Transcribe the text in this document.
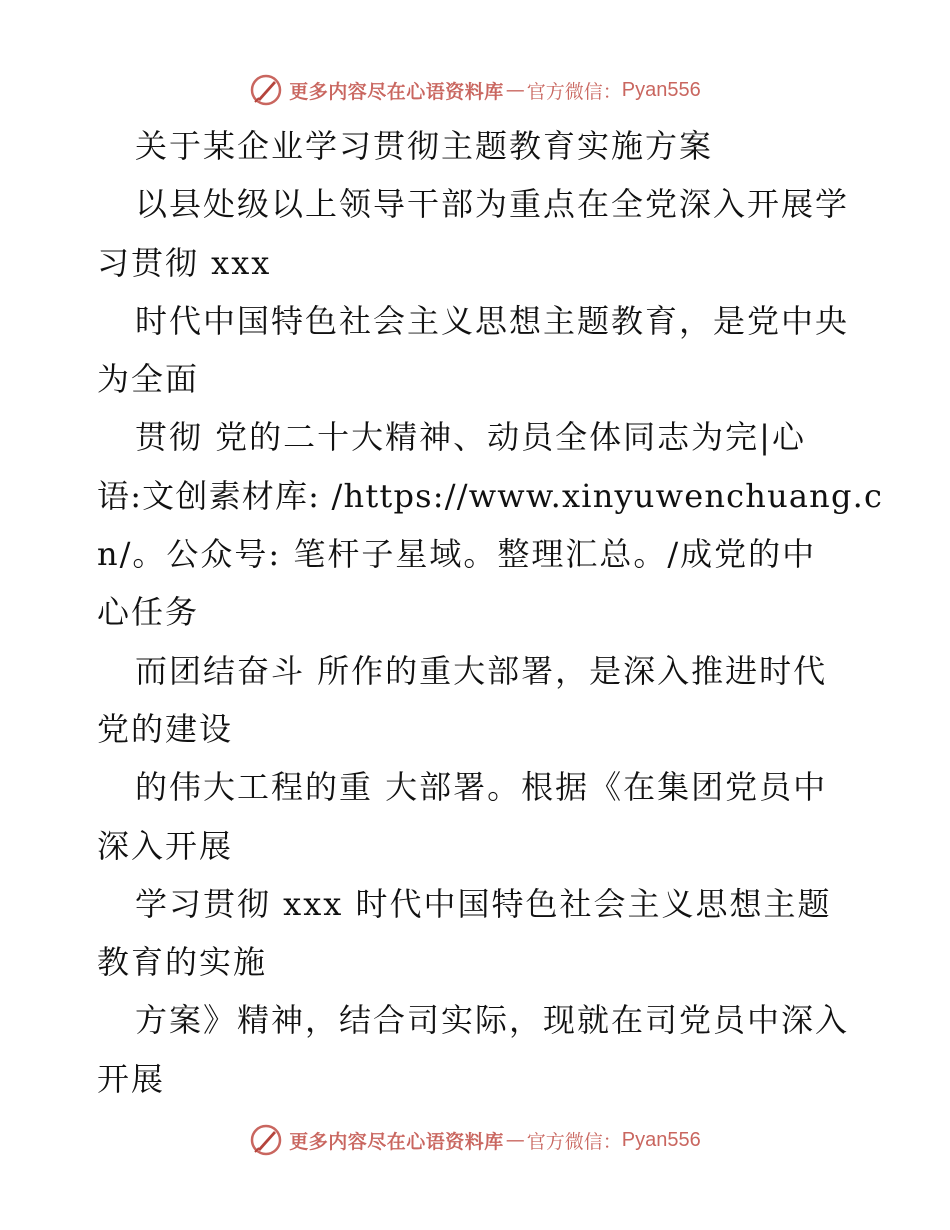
更多内容尽在心语资料库 — 官方微信： Pyan556
关于某企业学习贯彻主题教育实施方案
以县处级以上领导干部为重点在全党深入开展学
习贯彻 xxx
时代中国特色社会主义思想主题教育，是党中央
为全面
贯彻 党的二十大精神、动员全体同志为完|心
语:文创素材库: /https://www.xinyuwenchuang.c
n/。公众号: 笔杆子星域。整理汇总。/成党的中
心任务
而团结奋斗 所作的重大部署，是深入推进时代
党的建设
的伟大工程的重 大部署。根据《在集团党员中
深入开展
学习贯彻 xxx 时代中国特色社会主义思想主题
教育的实施
方案》精神，结合司实际，现就在司党员中深入
开展
更多内容尽在心语资料库 — 官方微信： Pyan556
